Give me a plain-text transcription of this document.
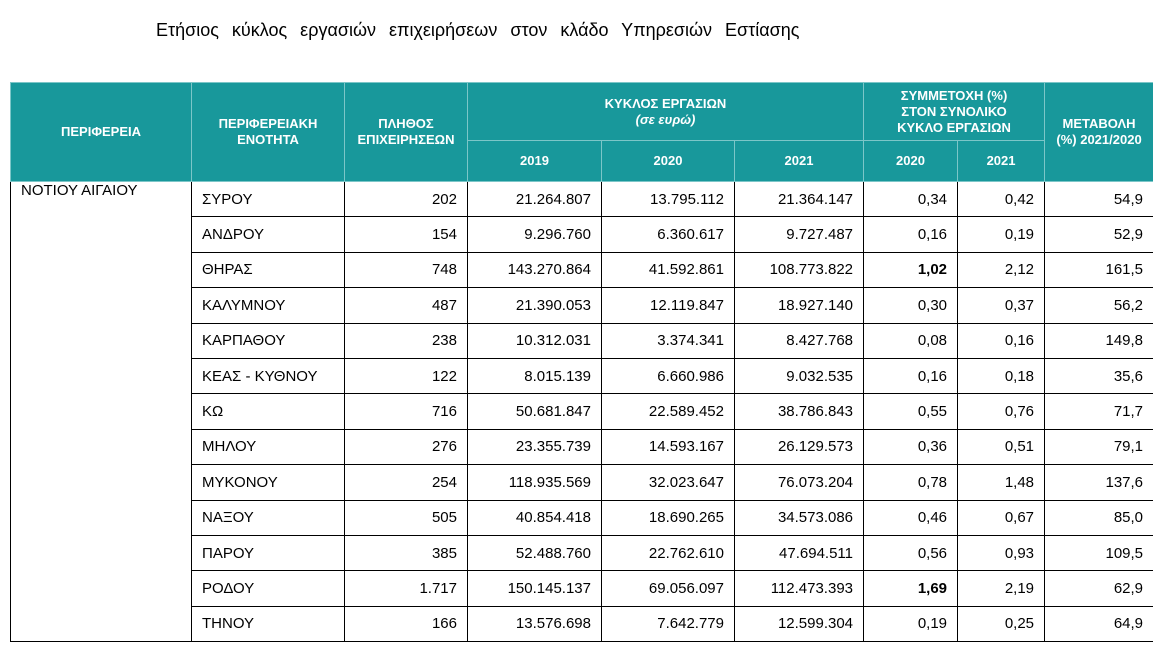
Ετήσιος κύκλος εργασιών επιχειρήσεων στον κλάδο Υπηρεσιών Εστίασης
ΠΕΡΙΦΕΡΕΙΑ	ΠΕΡΙΦΕΡΕΙΑΚΗ ΕΝΟΤΗΤΑ	ΠΛΗΘΟΣ ΕΠΙΧΕΙΡΗΣΕΩΝ	ΚΥΚΛΟΣ ΕΡΓΑΣΙΩΝ
(σε ευρώ)			ΣΥΜΜΕΤΟΧΗ (%) ΣΤΟΝ ΣΥΝΟΛΙΚΟ ΚΥΚΛΟ ΕΡΓΑΣΙΩΝ		ΜΕΤΑΒΟΛΗ (%) 2021/2020
			2019	2020	2021	2020	2021	
ΝΟΤΙΟΥ ΑΙΓΑΙΟΥ	ΣΥΡΟΥ	202	21.264.807	13.795.112	21.364.147	0,34	0,42	54,9
	ΑΝΔΡΟΥ	154	9.296.760	6.360.617	9.727.487	0,16	0,19	52,9
	ΘΗΡΑΣ	748	143.270.864	41.592.861	108.773.822	1,02	2,12	161,5
	ΚΑΛΥΜΝΟΥ	487	21.390.053	12.119.847	18.927.140	0,30	0,37	56,2
	ΚΑΡΠΑΘΟΥ	238	10.312.031	3.374.341	8.427.768	0,08	0,16	149,8
	ΚΕΑΣ - ΚΥΘΝΟΥ	122	8.015.139	6.660.986	9.032.535	0,16	0,18	35,6
	ΚΩ	716	50.681.847	22.589.452	38.786.843	0,55	0,76	71,7
	ΜΗΛΟΥ	276	23.355.739	14.593.167	26.129.573	0,36	0,51	79,1
	ΜΥΚΟΝΟΥ	254	118.935.569	32.023.647	76.073.204	0,78	1,48	137,6
	ΝΑΞΟΥ	505	40.854.418	18.690.265	34.573.086	0,46	0,67	85,0
	ΠΑΡΟΥ	385	52.488.760	22.762.610	47.694.511	0,56	0,93	109,5
	ΡΟΔΟΥ	1.717	150.145.137	69.056.097	112.473.393	1,69	2,19	62,9
	ΤΗΝΟΥ	166	13.576.698	7.642.779	12.599.304	0,19	0,25	64,9
